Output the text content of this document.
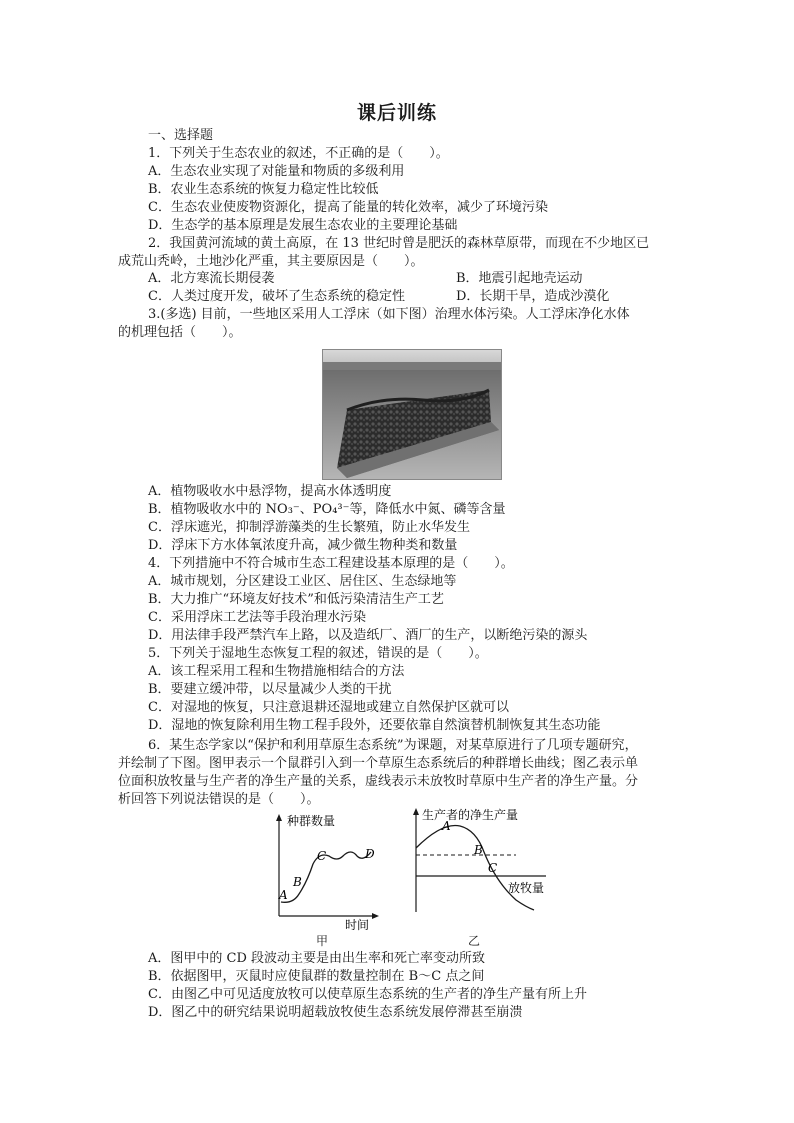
课后训练
一、选择题
1．下列关于生态农业的叙述，不正确的是（　　）。
A．生态农业实现了对能量和物质的多级利用
B．农业生态系统的恢复力稳定性比较低
C．生态农业使废物资源化，提高了能量的转化效率，减少了环境污染
D．生态学的基本原理是发展生态农业的主要理论基础
2．我国黄河流域的黄土高原，在 13 世纪时曾是肥沃的森林草原带，而现在不少地区已
成荒山秃岭，土地沙化严重，其主要原因是（　　）。
A．北方寒流长期侵袭	B．地震引起地壳运动
C．人类过度开发，破坏了生态系统的稳定性	D．长期干旱，造成沙漠化
3.(多选) 目前，一些地区采用人工浮床（如下图）治理水体污染。人工浮床净化水体
的机理包括（　　）。
A．植物吸收水中悬浮物，提高水体透明度
B．植物吸收水中的 NO₃⁻、PO₄³⁻等，降低水中氮、磷等含量
C．浮床遮光，抑制浮游藻类的生长繁殖，防止水华发生
D．浮床下方水体氧浓度升高，减少微生物种类和数量
4．下列措施中不符合城市生态工程建设基本原理的是（　　）。
A．城市规划，分区建设工业区、居住区、生态绿地等
B．大力推广“环境友好技术”和低污染清洁生产工艺
C．采用浮床工艺法等手段治理水污染
D．用法律手段严禁汽车上路，以及造纸厂、酒厂的生产，以断绝污染的源头
5．下列关于湿地生态恢复工程的叙述，错误的是（　　）。
A．该工程采用工程和生物措施相结合的方法
B．要建立缓冲带，以尽量减少人类的干扰
C．对湿地的恢复，只注意退耕还湿地或建立自然保护区就可以
D．湿地的恢复除利用生物工程手段外，还要依靠自然演替机制恢复其生态功能
6．某生态学家以“保护和利用草原生态系统”为课题，对某草原进行了几项专题研究，
并绘制了下图。图甲表示一个鼠群引入到一个草原生态系统后的种群增长曲线；图乙表示单
位面积放牧量与生产者的净生产量的关系，虚线表示未放牧时草原中生产者的净生产量。分
析回答下列说法错误的是（　　）。
种群数量
时间
A
B
C	D
甲
生产者的净生产量
放牧量
A
B
C
乙
A．图甲中的 CD 段波动主要是由出生率和死亡率变动所致
B．依据图甲，灭鼠时应使鼠群的数量控制在 B～C 点之间
C．由图乙中可见适度放牧可以使草原生态系统的生产者的净生产量有所上升
D．图乙中的研究结果说明超载放牧使生态系统发展停滞甚至崩溃
